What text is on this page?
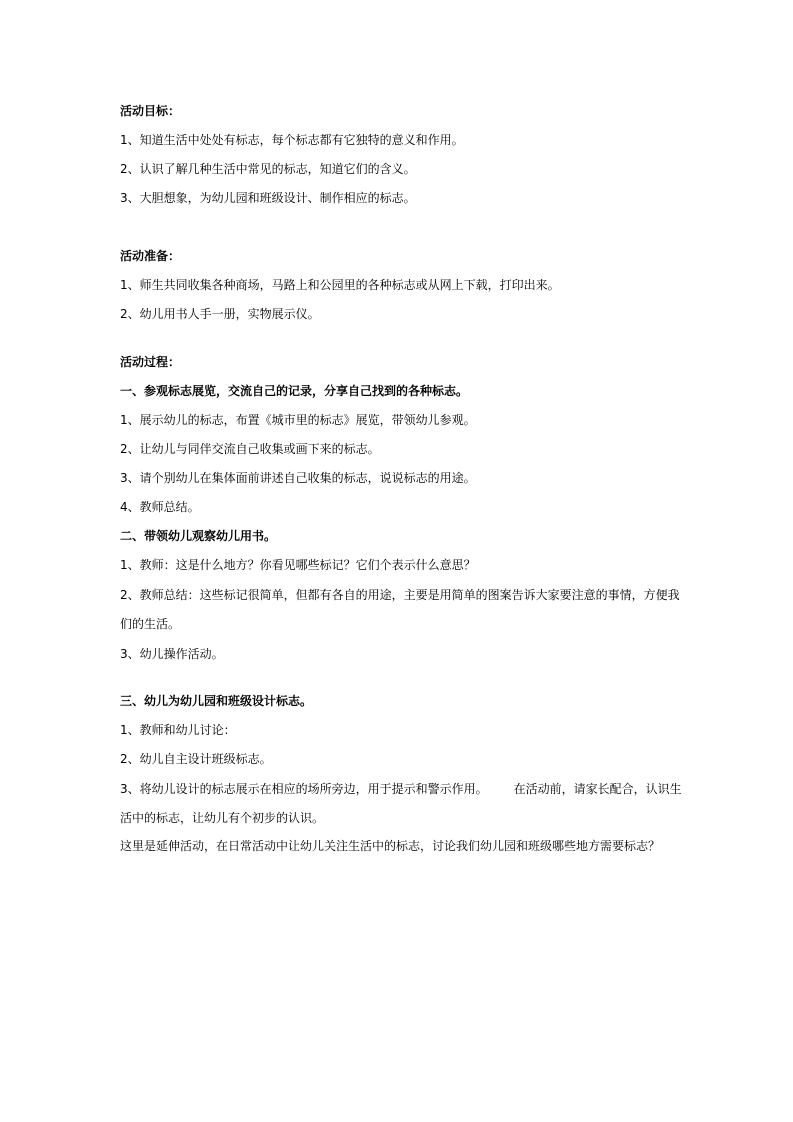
活动目标：
1、知道生活中处处有标志，每个标志都有它独特的意义和作用。
2、认识了解几种生活中常见的标志，知道它们的含义。
3、大胆想象，为幼儿园和班级设计、制作相应的标志。
活动准备：
1、师生共同收集各种商场，马路上和公园里的各种标志或从网上下载，打印出来。
2、幼儿用书人手一册，实物展示仪。
活动过程：
一、参观标志展览，交流自己的记录，分享自己找到的各种标志。
1、展示幼儿的标志，布置《城市里的标志》展览，带领幼儿参观。
2、让幼儿与同伴交流自己收集或画下来的标志。
3、请个别幼儿在集体面前讲述自己收集的标志，说说标志的用途。
4、教师总结。
二、带领幼儿观察幼儿用书。
1、教师：这是什么地方？你看见哪些标记？它们个表示什么意思？
2、教师总结：这些标记很简单，但都有各自的用途，主要是用简单的图案告诉大家要注意的事情，方便我
们的生活。
3、幼儿操作活动。
三、幼儿为幼儿园和班级设计标志。
1、教师和幼儿讨论：
2、幼儿自主设计班级标志。
3、将幼儿设计的标志展示在相应的场所旁边，用于提示和警示作用。 在活动前，请家长配合，认识生
活中的标志，让幼儿有个初步的认识。
这里是延伸活动，在日常活动中让幼儿关注生活中的标志，讨论我们幼儿园和班级哪些地方需要标志？
